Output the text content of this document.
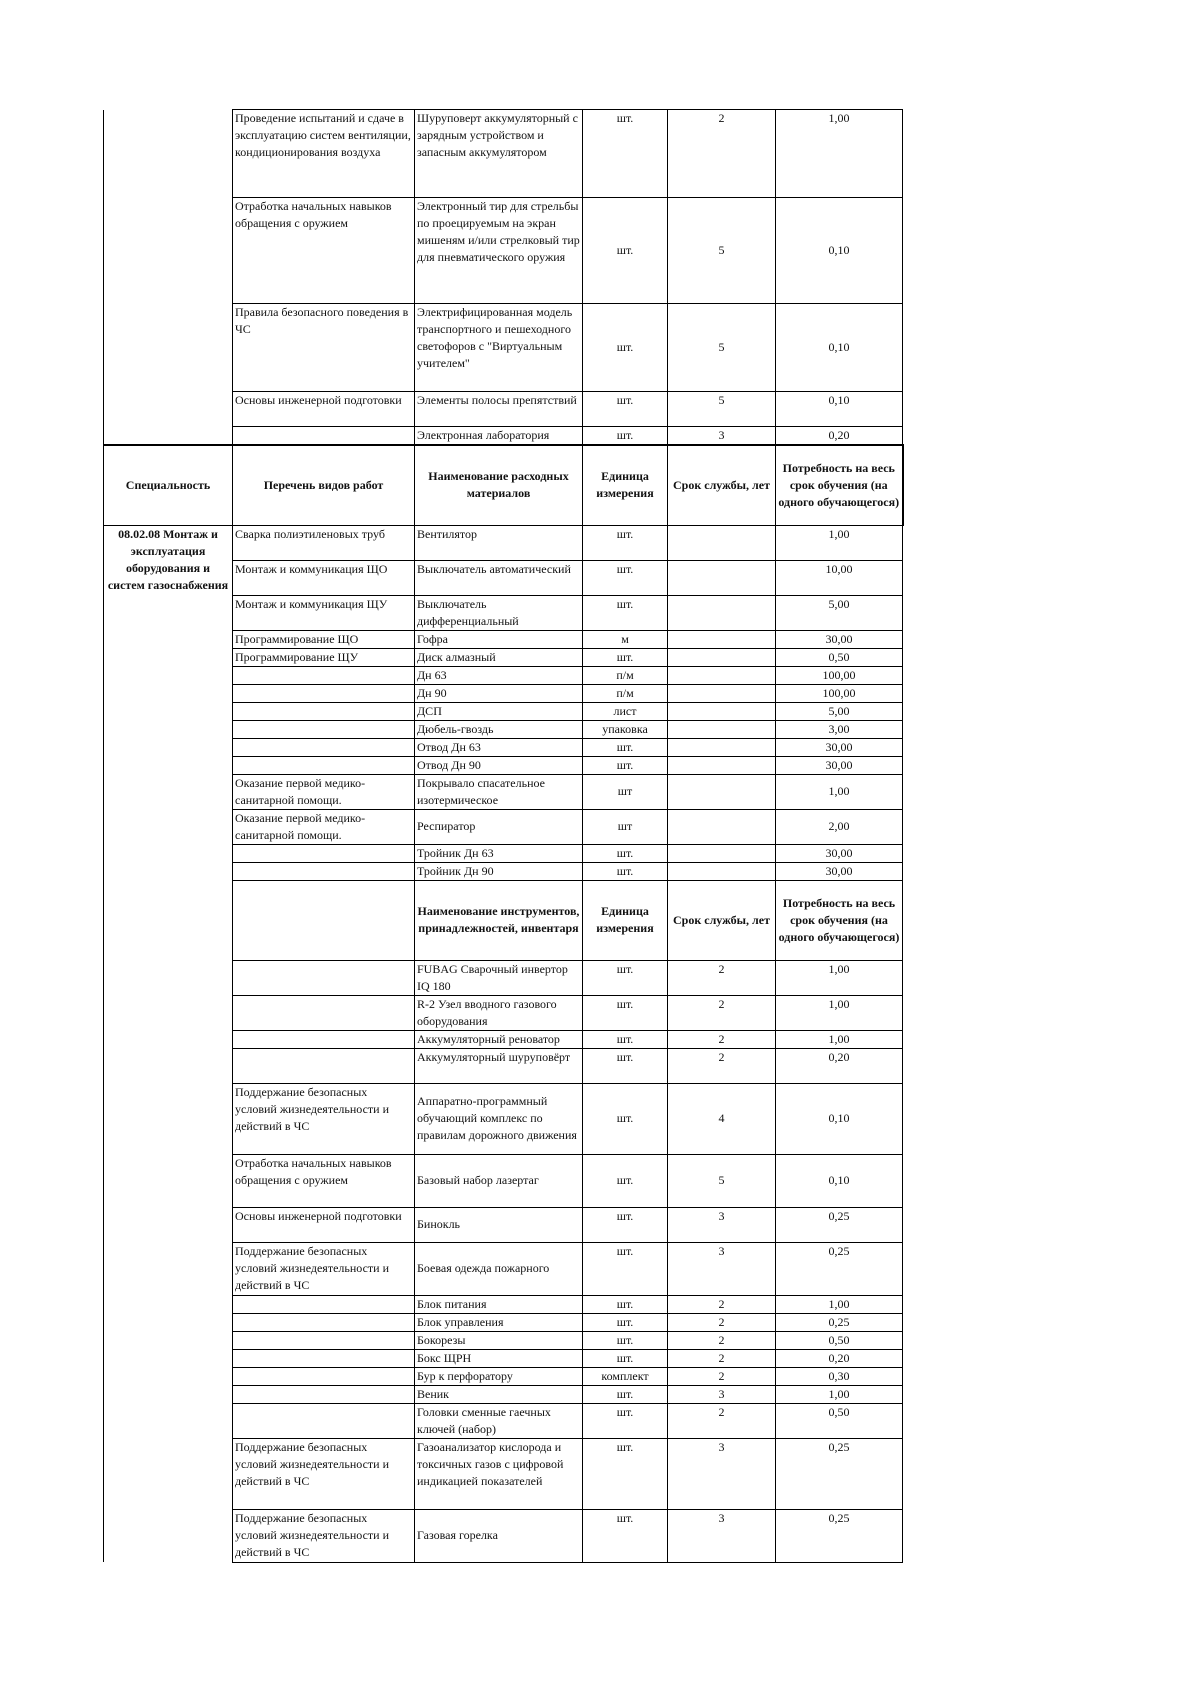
	Проведение испытаний и сдаче в эксплуатацию систем вентиляции, кондиционирования воздуха	Шуруповерт аккумуляторный с зарядным устройством и запасным аккумулятором	шт.	2	1,00
	Отработка начальных навыков обращения с оружием	Электронный тир для стрельбы по проецируемым на экран мишеням и/или стрелковый тир для пневматического оружия	шт.	5	0,10
	Правила безопасного поведения в ЧС	Электрифицированная модель транспортного и пешеходного светофоров с "Виртуальным учителем"	шт.	5	0,10
	Основы инженерной подготовки	Элементы полосы препятствий	шт.	5	0,10
		Электронная лаборатория	шт.	3	0,20
Специальность	Перечень видов работ	Наименование расходных материалов	Единица измерения	Срок службы, лет	Потребность на весь срок обучения (на одного обучающегося)
08.02.08 Монтаж и эксплуатация оборудования и систем газоснабжения	Сварка полиэтиленовых труб	Вентилятор	шт.		1,00
	Монтаж и коммуникация ЩО	Выключатель автоматический	шт.		10,00
	Монтаж и коммуникация ЩУ	Выключатель дифференциальный	шт.		5,00
	Программирование ЩО	Гофра	м		30,00
	Программирование ЩУ	Диск алмазный	шт.		0,50
		Дн 63	п/м		100,00
		Дн 90	п/м		100,00
		ДСП	лист		5,00
		Дюбель-гвоздь	упаковка		3,00
		Отвод Дн 63	шт.		30,00
		Отвод Дн 90	шт.		30,00
	Оказание первой медико-санитарной помощи.	Покрывало спасательное изотермическое	шт		1,00
	Оказание первой медико-санитарной помощи.	Респиратор	шт		2,00
		Тройник Дн 63	шт.		30,00
		Тройник Дн 90	шт.		30,00
		Наименование инструментов, принадлежностей, инвентаря	Единица измерения	Срок службы, лет	Потребность на весь срок обучения (на одного обучающегося)
		FUBAG Сварочный инвертор IQ 180	шт.	2	1,00
		R-2 Узел вводного газового оборудования	шт.	2	1,00
		Аккумуляторный реноватор	шт.	2	1,00
		Аккумуляторный шуруповёрт	шт.	2	0,20
	Поддержание безопасных условий жизнедеятельности и действий в ЧС	Аппаратно-программный обучающий комплекс по правилам дорожного движения	шт.	4	0,10
	Отработка начальных навыков обращения с оружием	Базовый набор лазертаг	шт.	5	0,10
	Основы инженерной подготовки	Бинокль	шт.	3	0,25
	Поддержание безопасных условий жизнедеятельности и действий в ЧС	Боевая одежда пожарного	шт.	3	0,25
		Блок питания	шт.	2	1,00
		Блок управления	шт.	2	0,25
		Бокорезы	шт.	2	0,50
		Бокс ЩРН	шт.	2	0,20
		Бур к перфоратору	комплект	2	0,30
		Веник	шт.	3	1,00
		Головки сменные гаечных ключей (набор)	шт.	2	0,50
	Поддержание безопасных условий жизнедеятельности и действий в ЧС	Газоанализатор кислорода и токсичных газов с цифровой индикацией показателей	шт.	3	0,25
	Поддержание безопасных условий жизнедеятельности и действий в ЧС	Газовая горелка	шт.	3	0,25
